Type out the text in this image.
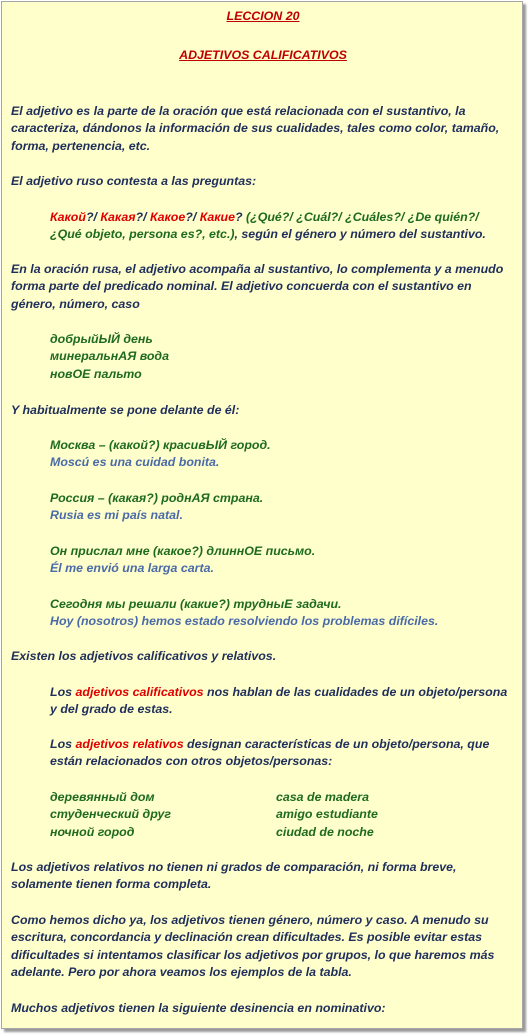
LECCION 20

ADJETIVOS CALIFICATIVOS

El adjetivo es la parte de la oración que está relacionada con el sustantivo, la caracteriza, dándonos la información de sus cualidades, tales como color, tamaño, forma, pertenencia, etc.

El adjetivo ruso contesta a las preguntas:

Какой?/ Какая?/ Какое?/ Какие? (¿Qué?/ ¿Cuál?/ ¿Cuáles?/ ¿De quién?/ ¿Qué objeto, persona es?, etc.), según el género y número del sustantivo.

En la oración rusa, el adjetivo acompaña al sustantivo, lo complementa y a menudo forma parte del predicado nominal. El adjetivo concuerda con el sustantivo en género, número, caso

добрыйЫЙ день

минеральнАЯ вода

новОЕ пальто

Y habitualmente se pone delante de él:

Москва – (какой?) красивЫЙ город.

Moscú es una cuidad bonita.

Россия – (какая?) роднАЯ страна.

Rusia es mi país natal.

Он прислал мне (какое?) длиннОЕ письмо.

Él me envió una larga carta.

Сегодня мы решали (какие?) трудныЕ задачи.

Hoy (nosotros) hemos estado resolviendo los problemas difíciles.

Existen los adjetivos calificativos y relativos.

Los adjetivos calificativos nos hablan de las cualidades de un objeto/persona y del grado de estas.

Los adjetivos relativos designan características de un objeto/persona, que están relacionados con otros objetos/personas:

деревянный дом

студенческий друг

ночной город

casa de madera

amigo estudiante

ciudad de noche

Los adjetivos relativos no tienen ni grados de comparación, ni forma breve, solamente tienen forma completa.

Como hemos dicho ya, los adjetivos tienen género, número y caso. A menudo su escritura, concordancia y declinación crean dificultades. Es posible evitar estas dificultades si intentamos clasificar los adjetivos por grupos, lo que haremos más adelante. Pero por ahora veamos los ejemplos de la tabla.

Muchos adjetivos tienen la siguiente desinencia en nominativo:
